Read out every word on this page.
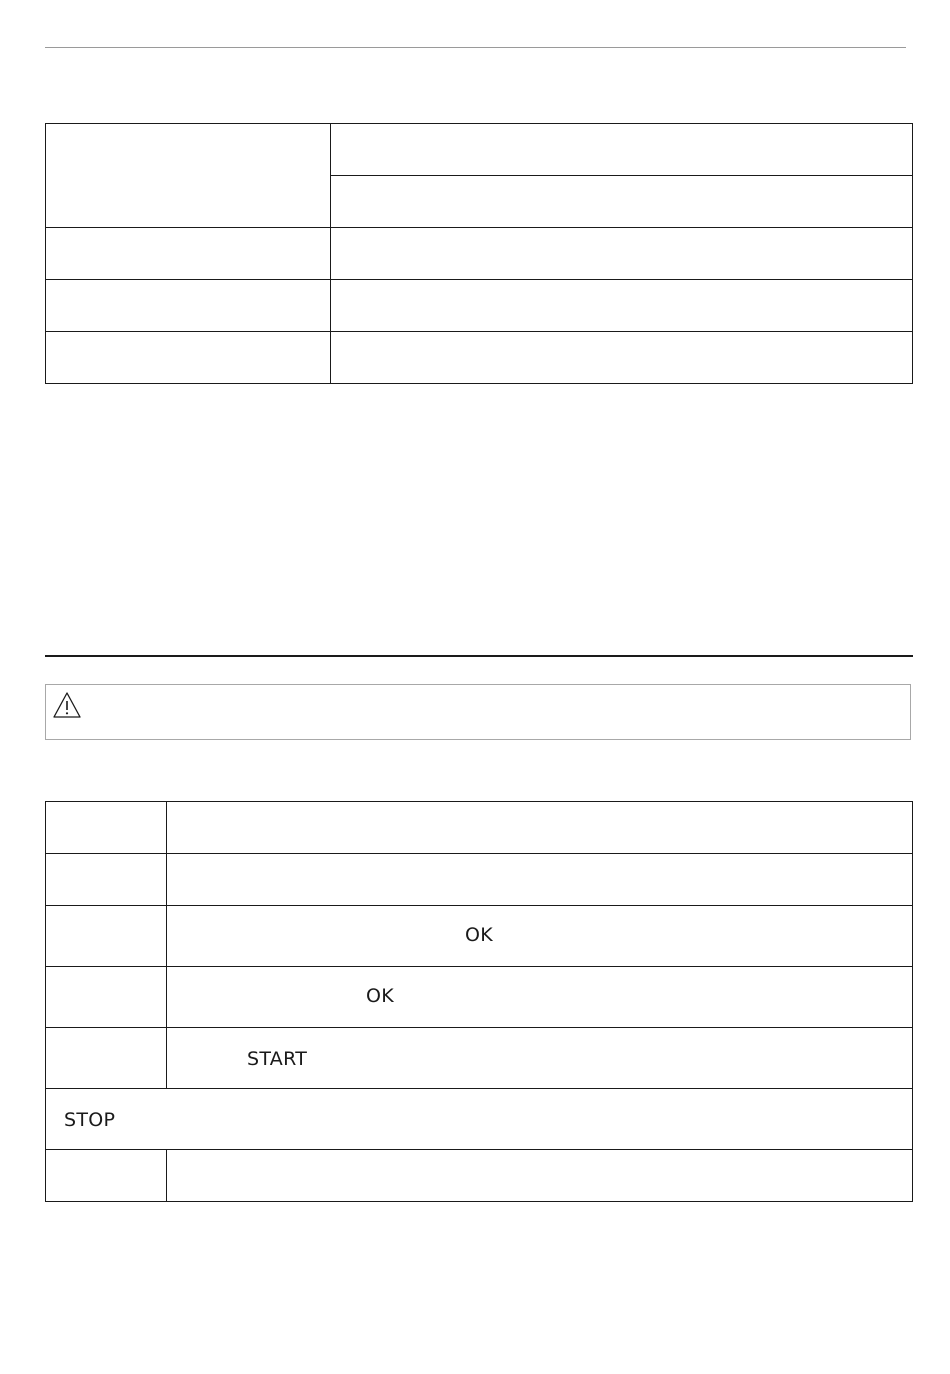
	OK

	OK

	START

STOP	
